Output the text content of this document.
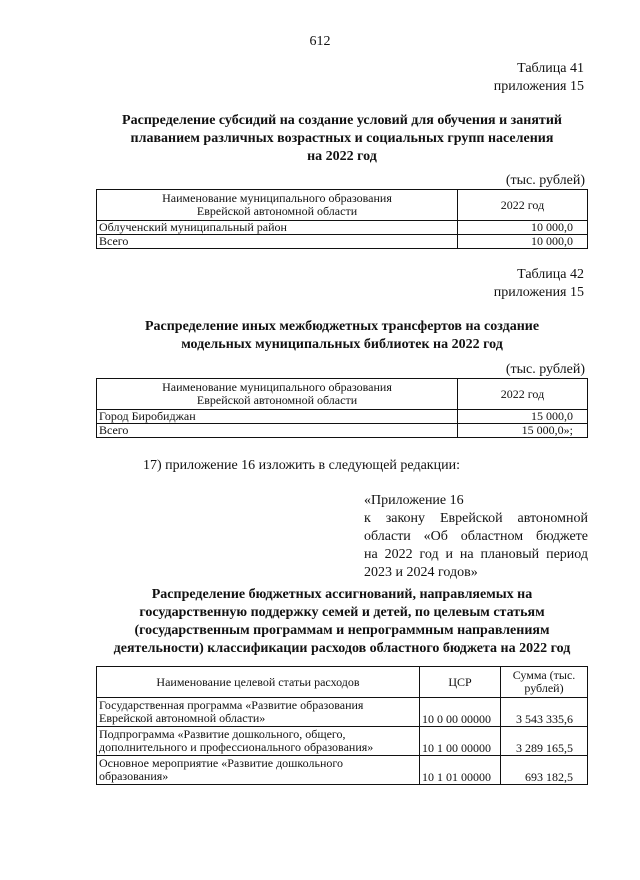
612
Таблица 41
приложения 15
Распределение субсидий на создание условий для обучения и занятий
плаванием различных возрастных и социальных групп населения
на 2022 год
(тыс. рублей)
Наименование муниципального образования
Еврейской автономной области	2022 год
Облученский муниципальный район	10 000,0
Всего	10 000,0
Таблица 42
приложения 15
Распределение иных межбюджетных трансфертов на создание
модельных муниципальных библиотек на 2022 год
(тыс. рублей)
Наименование муниципального образования
Еврейской автономной области	2022 год
Город Биробиджан	15 000,0
Всего	15 000,0»;
17) приложение 16 изложить в следующей редакции:
«Приложение 16
к закону Еврейской автономной
области «Об областном бюджете
на 2022 год и на плановый период
2023 и 2024 годов»
Распределение бюджетных ассигнований, направляемых на
государственную поддержку семей и детей, по целевым статьям
(государственным программам и непрограммным направлениям
деятельности) классификации расходов областного бюджета на 2022 год
Наименование целевой статьи расходов	ЦСР	Сумма (тыс.
рублей)

Государственная программа «Развитие образования
Еврейской автономной области»	10 0 00 00000	3 543 335,6

Подпрограмма «Развитие дошкольного, общего,
дополнительного и профессионального образования»	10 1 00 00000	3 289 165,5

Основное мероприятие «Развитие дошкольного
образования»	10 1 01 00000	693 182,5
